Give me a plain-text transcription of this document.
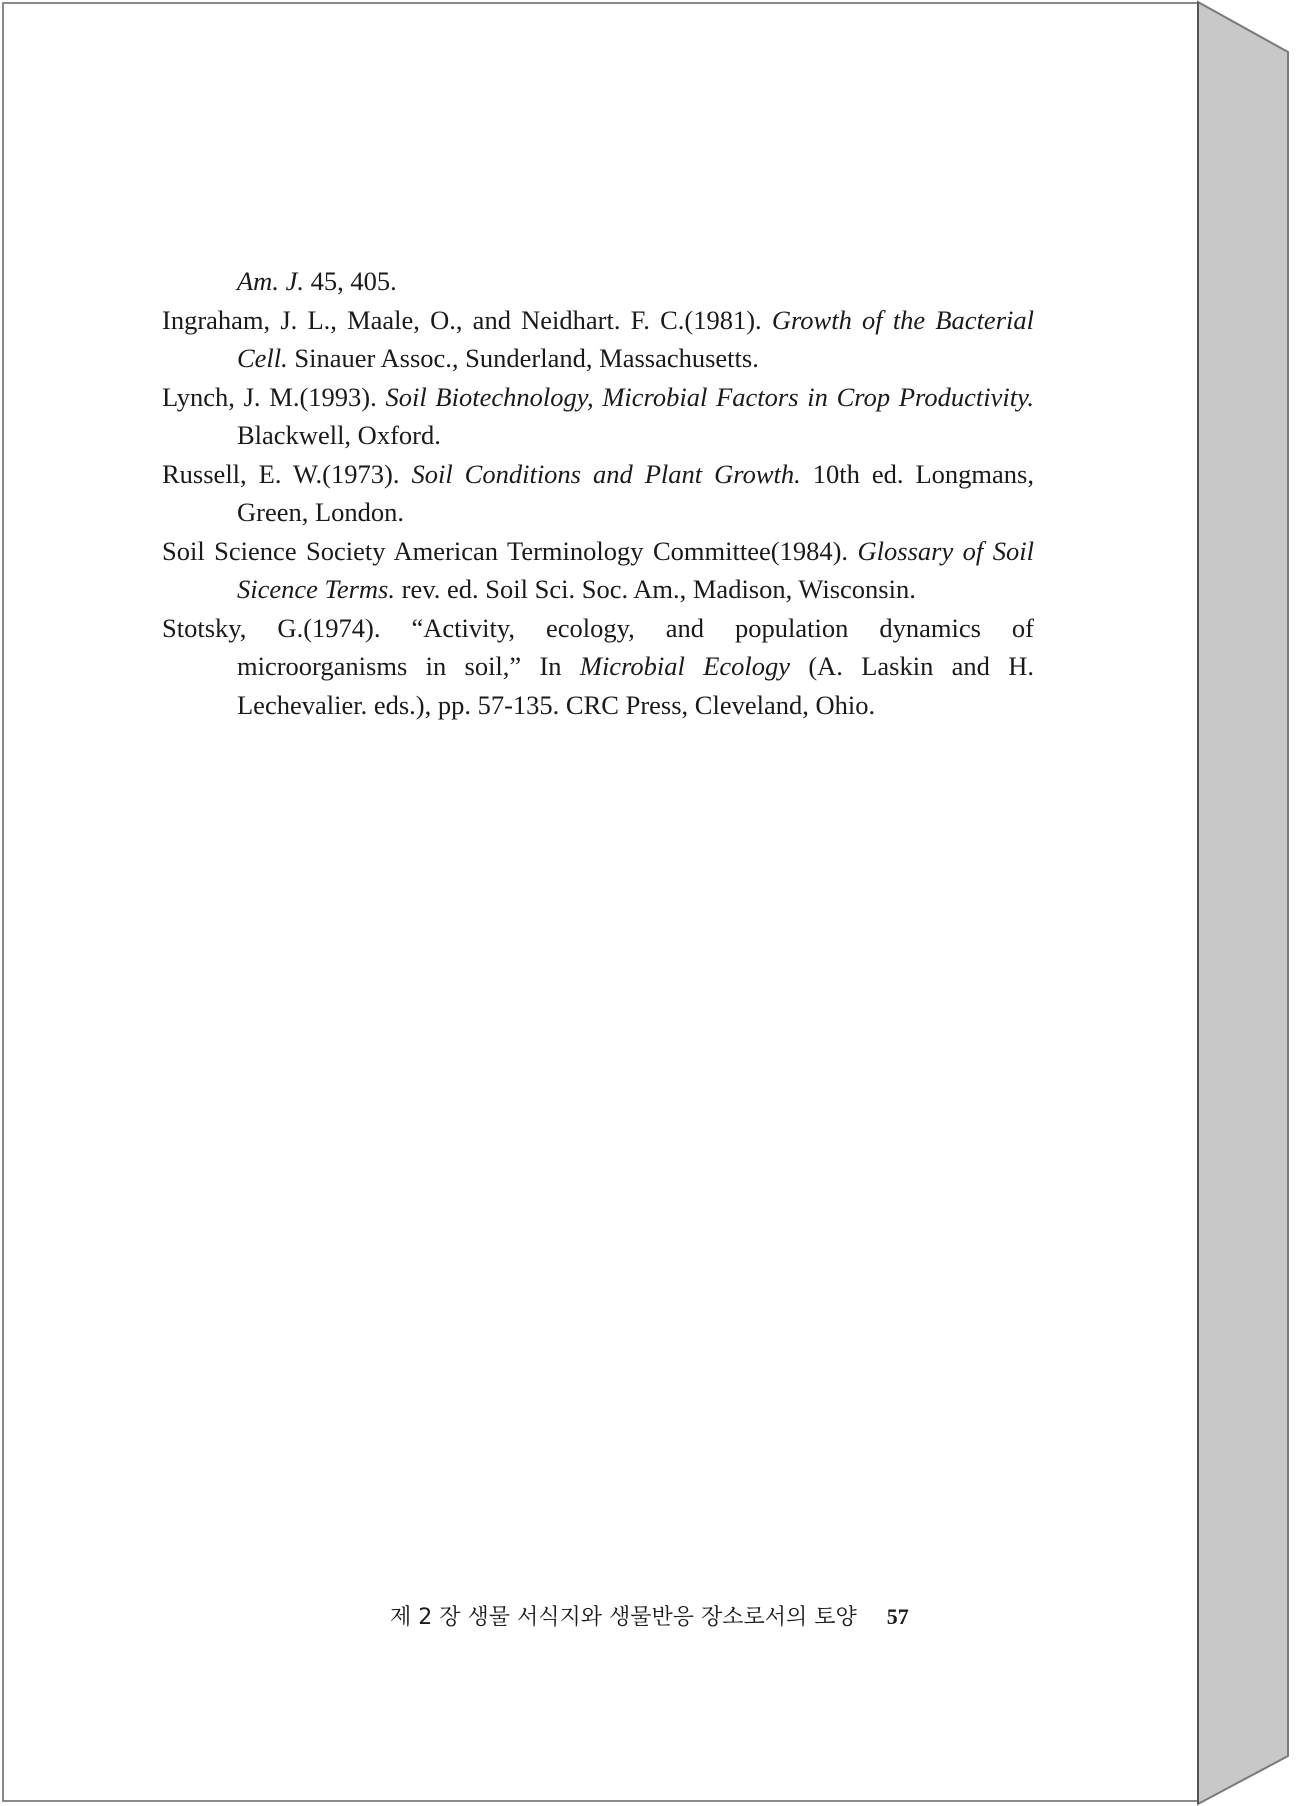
Am. J. 45, 405.

Ingraham, J. L., Maale, O., and Neidhart. F. C.(1981). Growth of the Bacterial Cell. Sinauer Assoc., Sunderland, Massachusetts.

Lynch, J. M.(1993). Soil Biotechnology, Microbial Factors in Crop Productivity. Blackwell, Oxford.

Russell, E. W.(1973). Soil Conditions and Plant Growth. 10th ed. Longmans, Green, London.

Soil Science Society American Terminology Committee(1984). Glossary of Soil Sicence Terms. rev. ed. Soil Sci. Soc. Am., Madison, Wisconsin.

Stotsky, G.(1974). “Activity, ecology, and population dynamics of microorganisms in soil,” In Microbial Ecology (A. Laskin and H. Lechevalier. eds.), pp. 57-135. CRC Press, Cleveland, Ohio.

제 2 장 생물 서식지와 생물반응 장소로서의 토양 57
